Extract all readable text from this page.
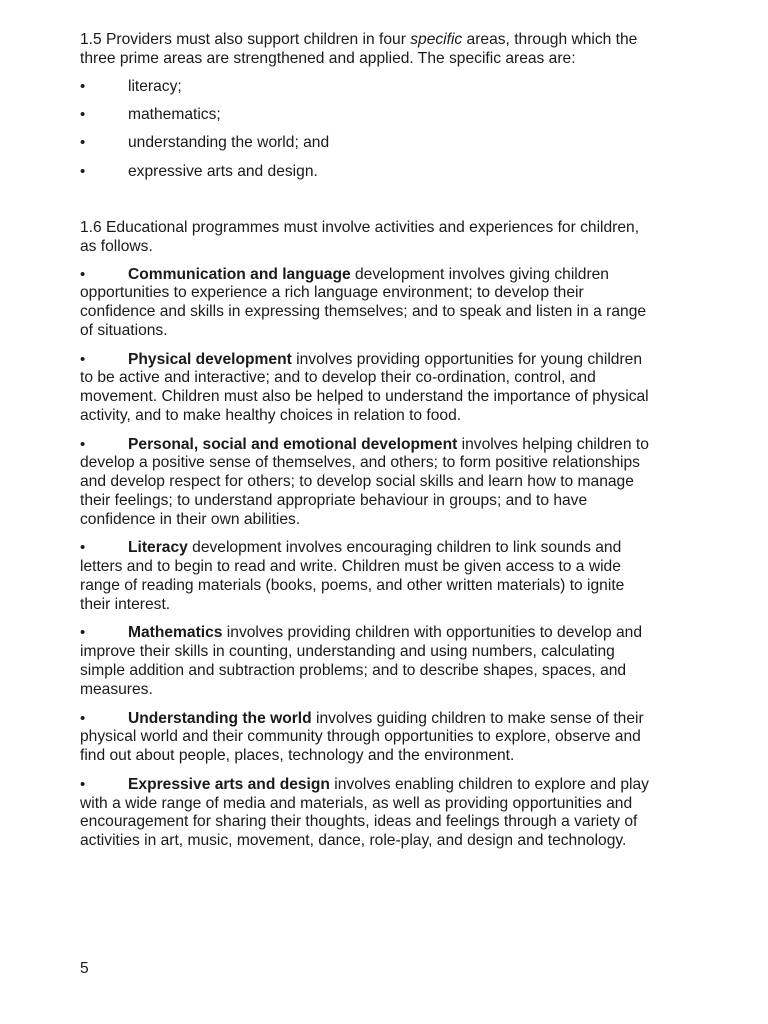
1.5 Providers must also support children in four specific areas, through which the three prime areas are strengthened and applied. The specific areas are:

•
literacy;
•
mathematics;
•
understanding the world; and
•
expressive arts and design.

1.6 Educational programmes must involve activities and experiences for children, as follows.

•Communication and language development involves giving children opportunities to experience a rich language environment; to develop their confidence and skills in expressing themselves; and to speak and listen in a range of situations.
•Physical development involves providing opportunities for young children to be active and interactive; and to develop their co-ordination, control, and movement. Children must also be helped to understand the importance of physical activity, and to make healthy choices in relation to food.
•Personal, social and emotional development involves helping children to develop a positive sense of themselves, and others; to form positive relationships and develop respect for others; to develop social skills and learn how to manage their feelings; to understand appropriate behaviour in groups; and to have confidence in their own abilities.
•Literacy development involves encouraging children to link sounds and letters and to begin to read and write. Children must be given access to a wide range of reading materials (books, poems, and other written materials) to ignite their interest.
•Mathematics involves providing children with opportunities to develop and improve their skills in counting, understanding and using numbers, calculating simple addition and subtraction problems; and to describe shapes, spaces, and measures.
•Understanding the world involves guiding children to make sense of their physical world and their community through opportunities to explore, observe and find out about people, places, technology and the environment.
•Expressive arts and design involves enabling children to explore and play with a wide range of media and materials, as well as providing opportunities and encouragement for sharing their thoughts, ideas and feelings through a variety of activities in art, music, movement, dance, role-play, and design and technology.
5
